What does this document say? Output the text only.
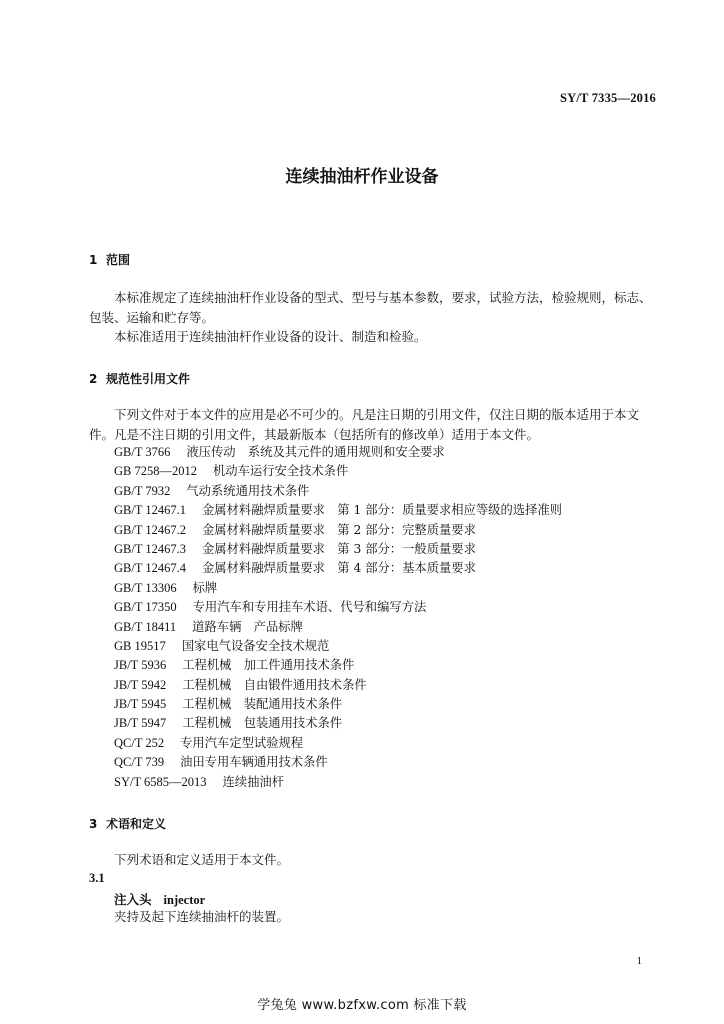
SY/T 7335—2016
连续抽油杆作业设备
1 范围
本标准规定了连续抽油杆作业设备的型式、型号与基本参数，要求，试验方法，检验规则，标志、包装、运输和贮存等。
本标准适用于连续抽油杆作业设备的设计、制造和检验。
2 规范性引用文件
下列文件对于本文件的应用是必不可少的。凡是注日期的引用文件，仅注日期的版本适用于本文件。凡是不注日期的引用文件，其最新版本（包括所有的修改单）适用于本文件。
GB/T 3766 液压传动　系统及其元件的通用规则和安全要求
GB 7258—2012 机动车运行安全技术条件
GB/T 7932 气动系统通用技术条件
GB/T 12467.1 金属材料融焊质量要求　第 1 部分：质量要求相应等级的选择准则
GB/T 12467.2 金属材料融焊质量要求　第 2 部分：完整质量要求
GB/T 12467.3 金属材料融焊质量要求　第 3 部分：一般质量要求
GB/T 12467.4 金属材料融焊质量要求　第 4 部分：基本质量要求
GB/T 13306 标牌
GB/T 17350 专用汽车和专用挂车术语、代号和编写方法
GB/T 18411 道路车辆　产品标牌
GB 19517 国家电气设备安全技术规范
JB/T 5936 工程机械　加工件通用技术条件
JB/T 5942 工程机械　自由锻件通用技术条件
JB/T 5945 工程机械　装配通用技术条件
JB/T 5947 工程机械　包装通用技术条件
QC/T 252 专用汽车定型试验规程
QC/T 739 油田专用车辆通用技术条件
SY/T 6585—2013 连续抽油杆
3 术语和定义
下列术语和定义适用于本文件。
3.1
注入头 injector
夹持及起下连续抽油杆的装置。
1
学兔兔 www.bzfxw.com 标准下载
